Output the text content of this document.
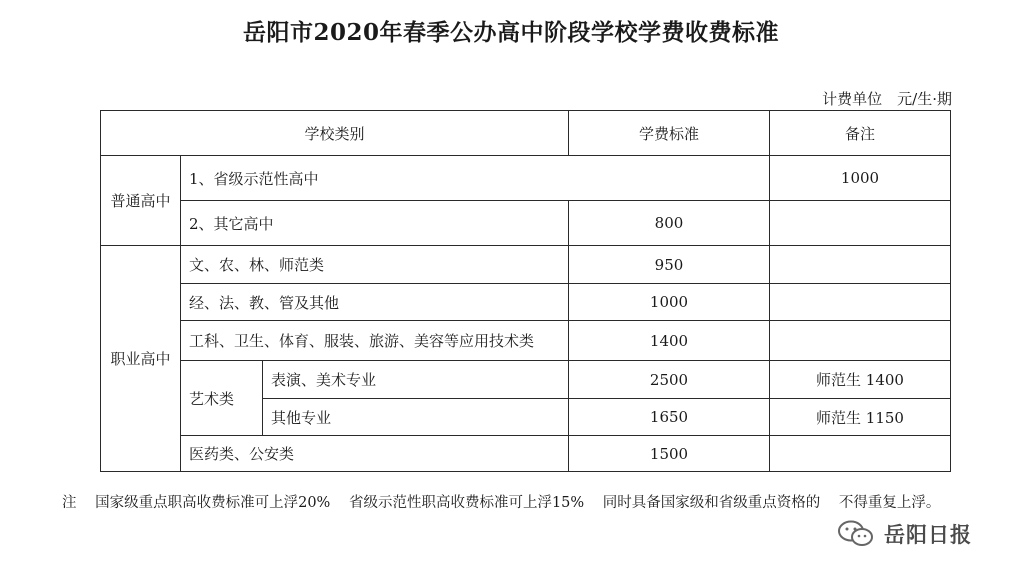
岳阳市2020年春季公办高中阶段学校学费收费标准
计费单位　元/生·期
学校类别			学费标准	备注	
普通高中	1、省级示范性高中			1000	
	2、其它高中		800		
职业高中	文、农、林、师范类		950		
	经、法、教、管及其他		1000		
	工科、卫生、体育、服装、旅游、美容等应用技术类		1400		
	艺术类	表演、美术专业	2500	师范生 1400	
		其他专业	1650	师范生 1150	
	医药类、公安类		1500		
注 国家级重点职高收费标准可上浮20% 省级示范性职高收费标准可上浮15% 同时具备国家级和省级重点资格的 不得重复上浮。
岳阳日报
